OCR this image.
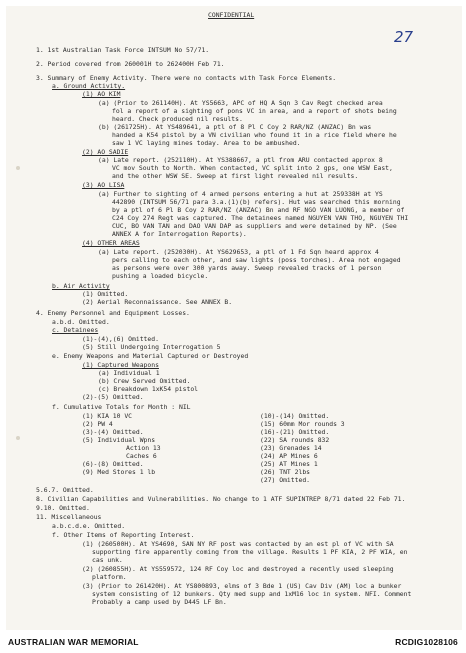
27
CONFIDENTIAL
1. 1st Australian Task Force INTSUM No 57/71.
2. Period covered from 260001H to 262400H Feb 71.
3. Summary of Enemy Activity. There were no contacts with Task Force Elements.
a. Ground Activity.
(1) AO KIM
(a) (Prior to 261140H). At YS5663, APC of HQ A Sqn 3 Cav Regt checked area
fol a report of a sighting of pons VC in area, and a report of shots being
heard. Check produced nil results.
(b) (261725H). At YS489641, a ptl of 8 Pl C Coy 2 RAR/NZ (ANZAC) Bn was
handed a K54 pistol by a VN civilian who found it in a rice field where he
saw 1 VC laying mines today. Area to be ambushed.
(2) AO SADIE
(a) Late report. (252110H). At YS388667, a ptl from ARU contacted approx 8
VC mov South to North. When contacted, VC split into 2 gps, one WSW East,
and the other WSW SE. Sweep at first light revealed nil results.
(3) AO LISA
(a) Further to sighting of 4 armed persons entering a hut at 259338H at YS
442890 (INTSUM 56/71 para 3.a.(1)(b) refers). Hut was searched this morning
by a ptl of 6 Pl B Coy 2 RAR/NZ (ANZAC) Bn and RF NGO VAN LUONG, a member of
C24 Coy 274 Regt was captured. The detainees named NGUYEN VAN THO, NGUYEN THI
CUC, BO VAN TAN and DAO VAN DAP as suppliers and were detained by NP. (See
ANNEX A for Interrogation Reports).
(4) OTHER AREAS
(a) Late report. (252030H). At YS629653, a ptl of 1 Fd Sqn heard approx 4
pers calling to each other, and saw lights (poss torches). Area not engaged
as persons were over 300 yards away. Sweep revealed tracks of 1 person
pushing a loaded bicycle.
b. Air Activity
(1) Omitted.
(2) Aerial Reconnaissance. See ANNEX B.
4. Enemy Personnel and Equipment Losses.
a.b.d. Omitted.
c. Detainees
(1)-(4),(6) Omitted.
(5) Still Undergoing Interrogation 5
e. Enemy Weapons and Material Captured or Destroyed
(1) Captured Weapons
(a) Individual 1
(b) Crew Served Omitted.
(c) Breakdown 1xK54 pistol
(2)-(5) Omitted.
f. Cumulative Totals for Month : NIL
(1) KIA 10 VC
(2) PW 4
(3)-(4) Omitted.
(5) Individual Wpns
Action 13
Caches 6
(6)-(8) Omitted.
(9) Med Stores 1 lb
(10)-(14) Omitted.
(15) 60mm Mor rounds 3
(16)-(21) Omitted.
(22) SA rounds 832
(23) Grenades 14
(24) AP Mines 6
(25) AT Mines 1
(26) TNT 2lbs
(27) Omitted.
5.6.7. Omitted.
8. Civilian Capabilities and Vulnerabilities. No change to 1 ATF SUPINTREP 8/71 dated 22 Feb 71.
9.10. Omitted.
11. Miscellaneous
a.b.c.d.e. Omitted.
f. Other Items of Reporting Interest.
(1) (260500H). At YS4690, SAN NY RF post was contacted by an est pl of VC with SA
supporting fire apparently coming from the village. Results 1 PF KIA, 2 PF WIA, en
cas unk.
(2) (260855H). At YS559572, 124 RF Coy loc and destroyed a recently used sleeping
platform.
(3) (Prior to 261420H). At YS800893, elms of 3 Bde 1 (US) Cav Div (AM) loc a bunker
system consisting of 12 bunkers. Qty med supp and 1xM16 loc in system. NFI. Comment
Probably a camp used by D445 LF Bn.
AUSTRALIAN WAR MEMORIAL	RCDIG1028106
